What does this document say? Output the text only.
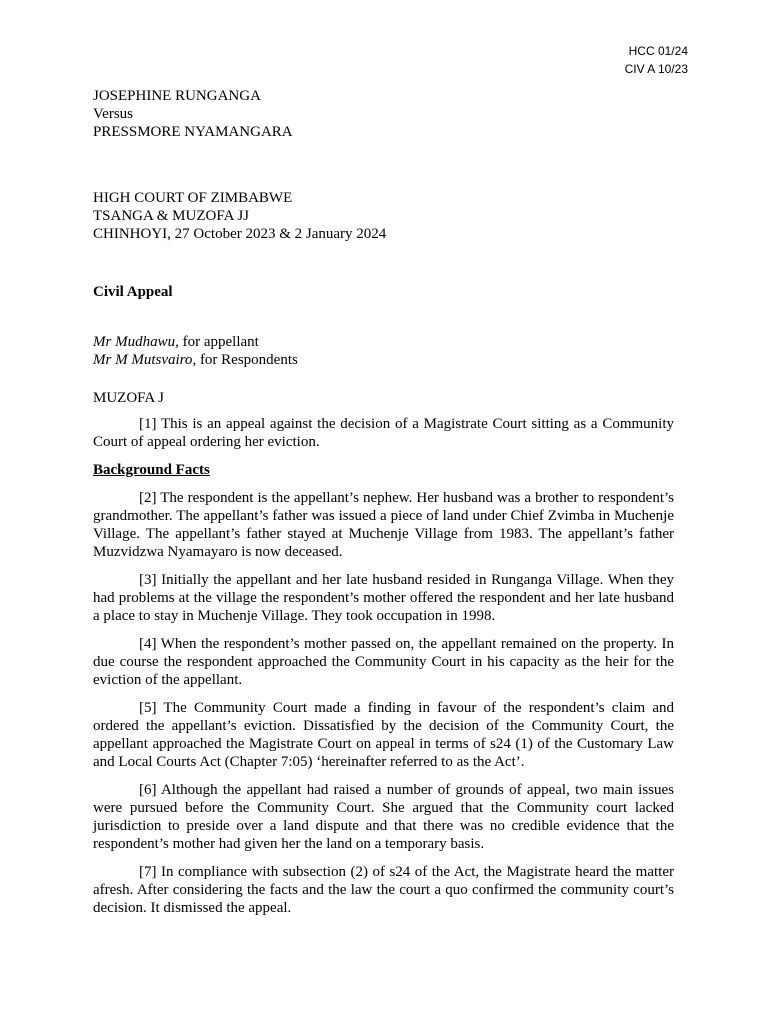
HCC 01/24
CIV A 10/23
JOSEPHINE RUNGANGA
Versus
PRESSMORE NYAMANGARA
HIGH COURT OF ZIMBABWE
TSANGA & MUZOFA JJ
CHINHOYI, 27 October 2023 & 2 January 2024
Civil Appeal
Mr Mudhawu, for appellant
Mr M Mutsvairo, for Respondents
MUZOFA J

[1] This is an appeal against the decision of a Magistrate Court sitting as a Community Court of appeal ordering her eviction.

Background Facts

[2] The respondent is the appellant’s nephew. Her husband was a brother to respondent’s grandmother. The appellant’s father was issued a piece of land under Chief Zvimba in Muchenje Village. The appellant’s father stayed at Muchenje Village from 1983. The appellant’s father Muzvidzwa Nyamayaro is now deceased.

[3] Initially the appellant and her late husband resided in Runganga Village. When they had problems at the village the respondent’s mother offered the respondent and her late husband a place to stay in Muchenje Village. They took occupation in 1998.

[4] When the respondent’s mother passed on, the appellant remained on the property. In due course the respondent approached the Community Court in his capacity as the heir for the eviction of the appellant.

[5] The Community Court made a finding in favour of the respondent’s claim and ordered the appellant’s eviction. Dissatisfied by the decision of the Community Court, the appellant approached the Magistrate Court on appeal in terms of s24 (1) of the Customary Law and Local Courts Act (Chapter 7:05) ‘hereinafter referred to as the Act’.

[6] Although the appellant had raised a number of grounds of appeal, two main issues were pursued before the Community Court. She argued that the Community court lacked jurisdiction to preside over a land dispute and that there was no credible evidence that the respondent’s mother had given her the land on a temporary basis.

[7] In compliance with subsection (2) of s24 of the Act, the Magistrate heard the matter afresh. After considering the facts and the law the court a quo confirmed the community court’s decision. It dismissed the appeal.
